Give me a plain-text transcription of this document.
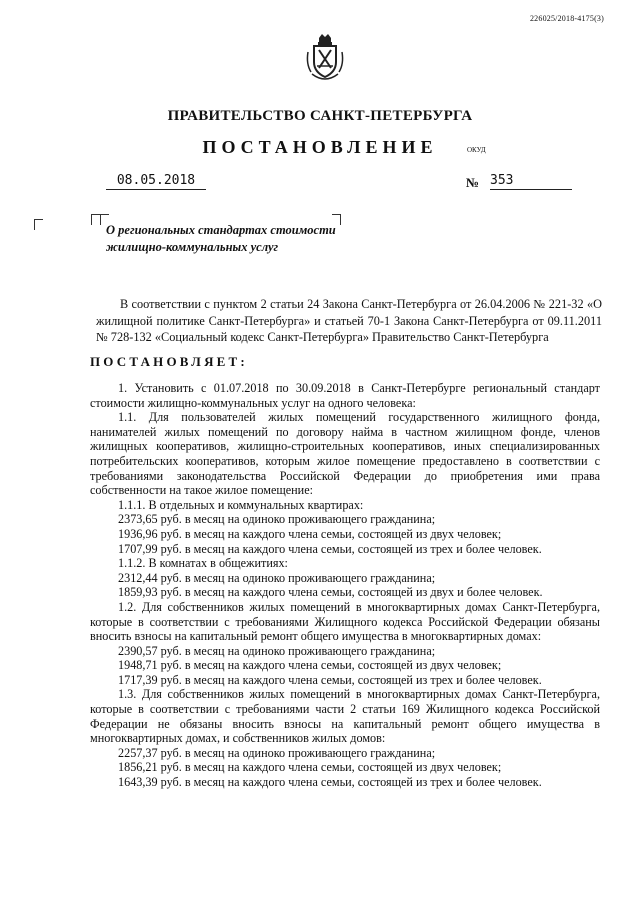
226025/2018-4175(3)
ПРАВИТЕЛЬСТВО САНКТ-ПЕТЕРБУРГА
ПОСТАНОВЛЕНИЕ	ОКУД
08.05.2018	№ 353
О региональных стандартах стоимости жилищно-коммунальных услуг

В соответствии с пунктом 2 статьи 24 Закона Санкт-Петербурга от 26.04.2006 № 221-32 «О жилищной политике Санкт-Петербурга» и статьей 70-1 Закона Санкт-Петербурга от 09.11.2011 № 728-132 «Социальный кодекс Санкт-Петербурга» Правительство Санкт-Петербурга

ПОСТАНОВЛЯЕТ:

1. Установить с 01.07.2018 по 30.09.2018 в Санкт-Петербурге региональный стандарт стоимости жилищно-коммунальных услуг на одного человека:

1.1. Для пользователей жилых помещений государственного жилищного фонда, нанимателей жилых помещений по договору найма в частном жилищном фонде, членов жилищных кооперативов, жилищно-строительных кооперативов, иных специализированных потребительских кооперативов, которым жилое помещение предоставлено в соответствии с требованиями законодательства Российской Федерации до приобретения ими права собственности на такое жилое помещение:

1.1.1. В отдельных и коммунальных квартирах:

2373,65 руб. в месяц на одиноко проживающего гражданина;

1936,96 руб. в месяц на каждого члена семьи, состоящей из двух человек;

1707,99 руб. в месяц на каждого члена семьи, состоящей из трех и более человек.

1.1.2. В комнатах в общежитиях:

2312,44 руб. в месяц на одиноко проживающего гражданина;

1859,93 руб. в месяц на каждого члена семьи, состоящей из двух и более человек.

1.2. Для собственников жилых помещений в многоквартирных домах Санкт-Петербурга, которые в соответствии с требованиями Жилищного кодекса Российской Федерации обязаны вносить взносы на капитальный ремонт общего имущества в многоквартирных домах:

2390,57 руб. в месяц на одиноко проживающего гражданина;

1948,71 руб. в месяц на каждого члена семьи, состоящей из двух человек;

1717,39 руб. в месяц на каждого члена семьи, состоящей из трех и более человек.

1.3. Для собственников жилых помещений в многоквартирных домах Санкт-Петербурга, которые в соответствии с требованиями части 2 статьи 169 Жилищного кодекса Российской Федерации не обязаны вносить взносы на капитальный ремонт общего имущества в многоквартирных домах, и собственников жилых домов:

2257,37 руб. в месяц на одиноко проживающего гражданина;

1856,21 руб. в месяц на каждого члена семьи, состоящей из двух человек;

1643,39 руб. в месяц на каждого члена семьи, состоящей из трех и более человек.
